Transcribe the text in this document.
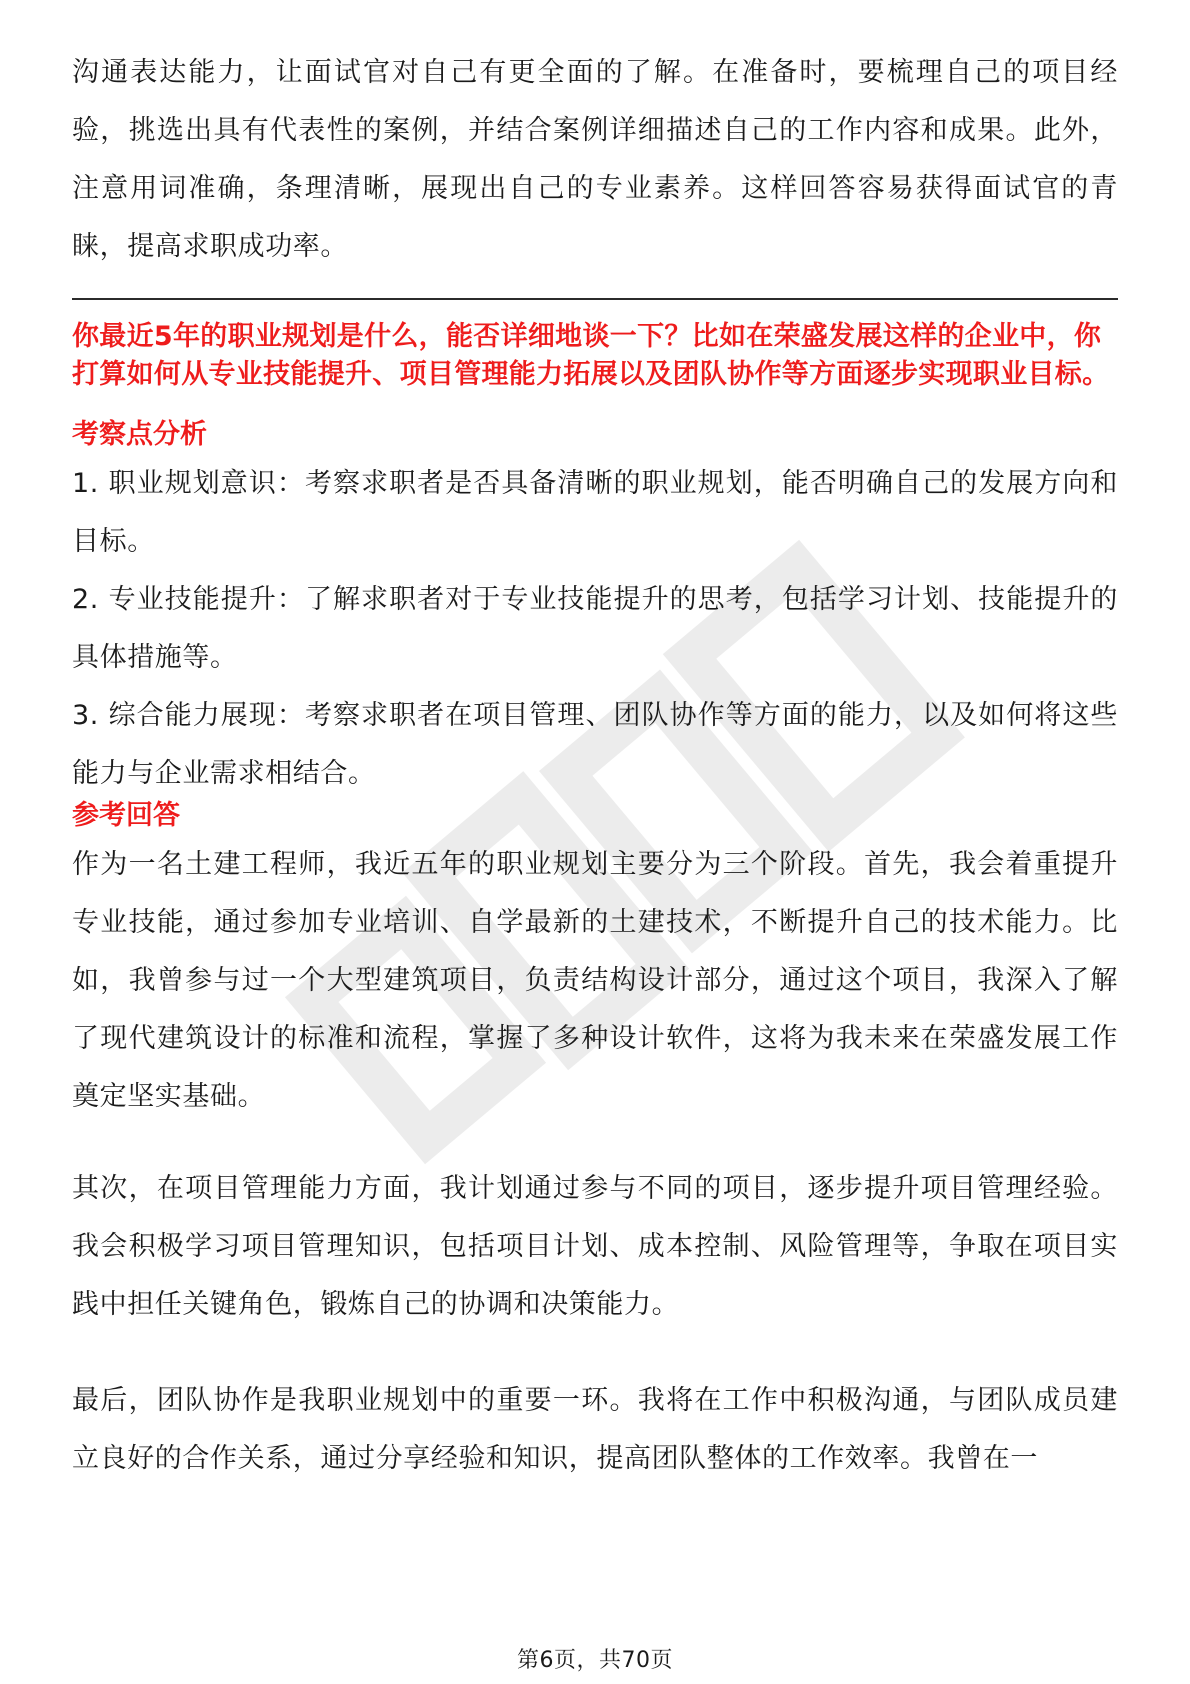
沟通表达能力，让面试官对自己有更全面的了解。在准备时，要梳理自己的项目经验，挑选出具有代表性的案例，并结合案例详细描述自己的工作内容和成果。此外，注意用词准确，条理清晰，展现出自己的专业素养。这样回答容易获得面试官的青睐，提高求职成功率。

你最近5年的职业规划是什么，能否详细地谈一下？比如在荣盛发展这样的企业中，你打算如何从专业技能提升、项目管理能力拓展以及团队协作等方面逐步实现职业目标。

考察点分析

1. 职业规划意识：考察求职者是否具备清晰的职业规划，能否明确自己的发展方向和目标。

2. 专业技能提升：了解求职者对于专业技能提升的思考，包括学习计划、技能提升的具体措施等。

3. 综合能力展现：考察求职者在项目管理、团队协作等方面的能力，以及如何将这些能力与企业需求相结合。

参考回答

作为一名土建工程师，我近五年的职业规划主要分为三个阶段。首先，我会着重提升专业技能，通过参加专业培训、自学最新的土建技术，不断提升自己的技术能力。比如，我曾参与过一个大型建筑项目，负责结构设计部分，通过这个项目，我深入了解了现代建筑设计的标准和流程，掌握了多种设计软件，这将为我未来在荣盛发展工作奠定坚实基础。

其次，在项目管理能力方面，我计划通过参与不同的项目，逐步提升项目管理经验。我会积极学习项目管理知识，包括项目计划、成本控制、风险管理等，争取在项目实践中担任关键角色，锻炼自己的协调和决策能力。

最后，团队协作是我职业规划中的重要一环。我将在工作中积极沟通，与团队成员建立良好的合作关系，通过分享经验和知识，提高团队整体的工作效率。我曾在一

第6页，共70页
